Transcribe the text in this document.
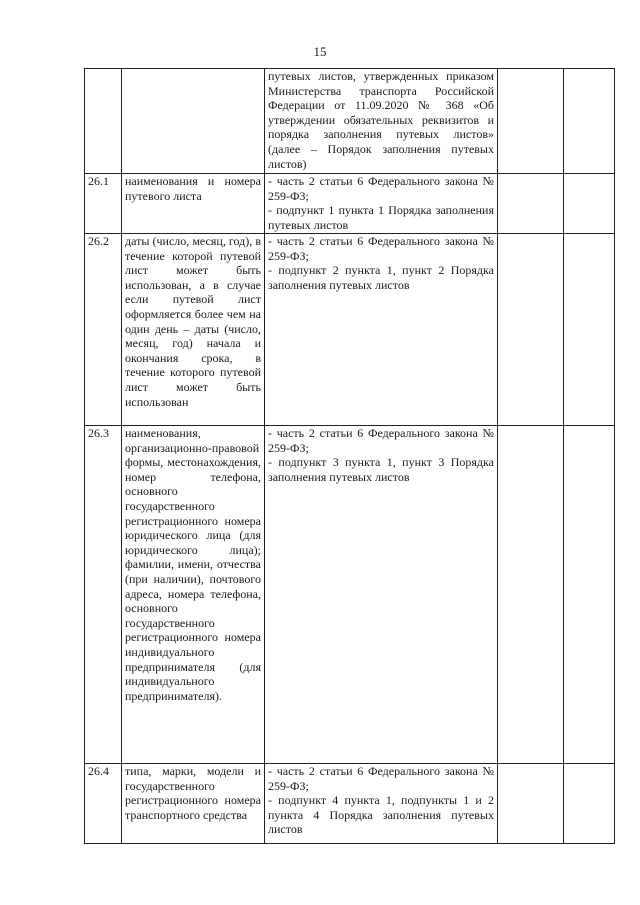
15

		путевых листов, утвержденных приказом Министерства транспорта Российской Федерации от 11.09.2020 № 368 «Об утверждении обязательных реквизитов и порядка заполнения путевых листов» (далее – Порядок заполнения путевых листов)		

26.1	наименования и номера путевого листа	- часть 2 статьи 6 Федерального закона № 259-ФЗ;
- подпункт 1 пункта 1 Порядка заполнения путевых листов		

26.2	даты (число, месяц, год), в течение которой путевой лист может быть использован, а в случае если путевой лист оформляется более чем на один день – даты (число, месяц, год) начала и окончания срока, в течение которого путевой лист может быть использован	- часть 2 статьи 6 Федерального закона № 259-ФЗ;
- подпункт 2 пункта 1, пункт 2 Порядка заполнения путевых листов		

26.3	наименования, организационно-правовой формы, местонахождения, номер телефона, основного государственного регистрационного номера юридического лица (для юридического лица); фамилии, имени, отчества (при наличии), почтового адреса, номера телефона, основного государственного регистрационного номера индивидуального предпринимателя (для индивидуального предпринимателя).	- часть 2 статьи 6 Федерального закона № 259-ФЗ;
- подпункт 3 пункта 1, пункт 3 Порядка заполнения путевых листов		

26.4	типа, марки, модели и государственного регистрационного номера транспортного средства	- часть 2 статьи 6 Федерального закона № 259-ФЗ;
- подпункт 4 пункта 1, подпункты 1 и 2 пункта 4 Порядка заполнения путевых листов		
